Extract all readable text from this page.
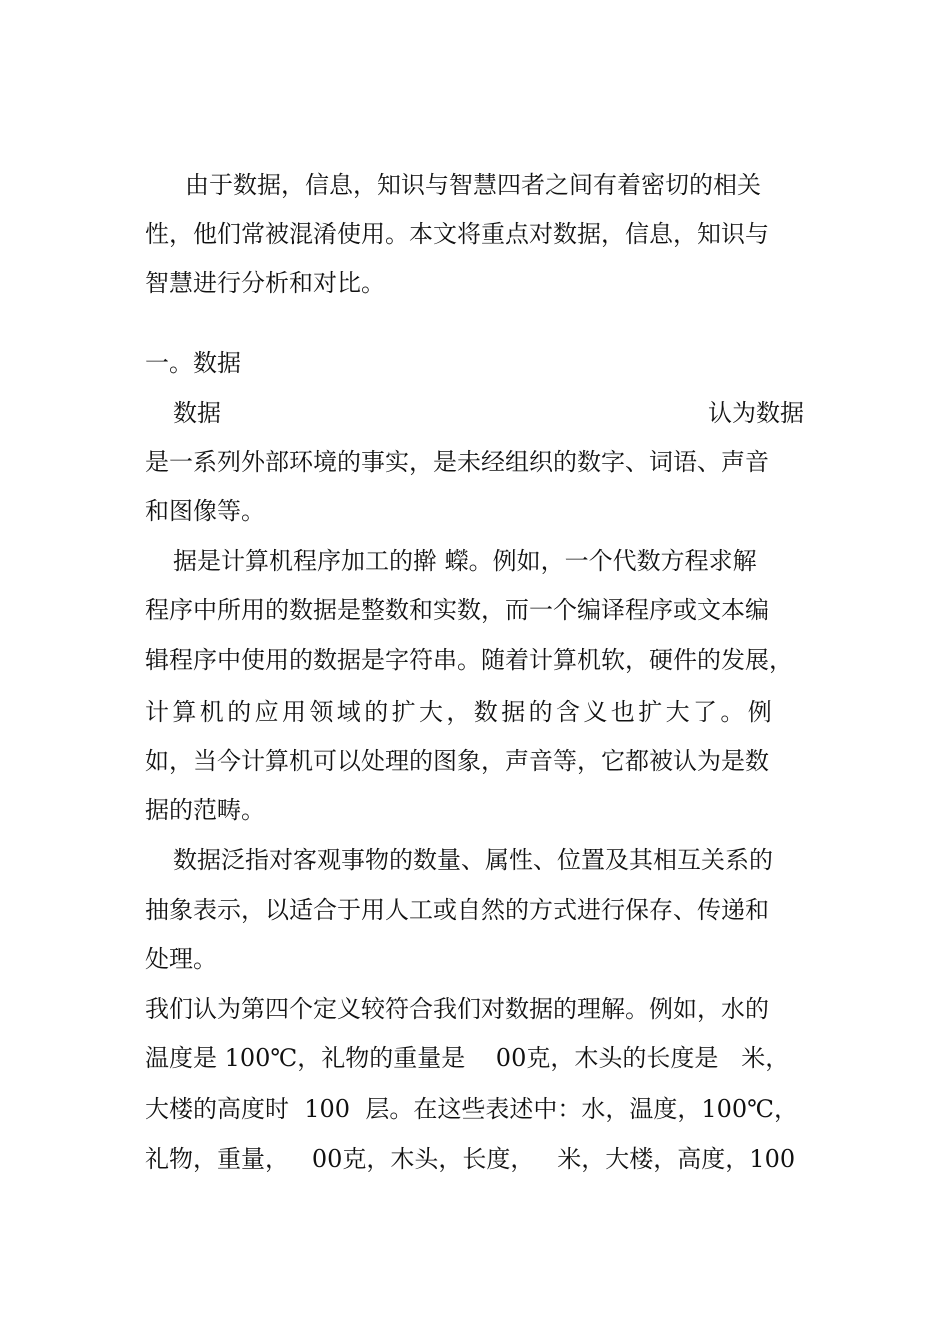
由于数据，信息，知识与智慧四者之间有着密切的相关
性，他们常被混淆使用。本文将重点对数据，信息，知识与
智慧进行分析和对比。
一。数据
数据	认为数据
是一系列外部环境的事实，是未经组织的数字、词语、声音
和图像等。
据是计算机程序加工的擀 蠑。例如，一个代数方程求解
程序中所用的数据是整数和实数，而一个编译程序或文本编
辑程序中使用的数据是字符串。随着计算机软，硬件的发展，
计算机的应用领域的扩大，数据的含义也扩大了。例
如，当今计算机可以处理的图象，声音等，它都被认为是数
据的范畴。
数据泛指对客观事物的数量、属性、位置及其相互关系的
抽象表示，以适合于用人工或自然的方式进行保存、传递和
处理。
我们认为第四个定义较符合我们对数据的理解。例如，水的
温度是 100℃，礼物的重量是    00克，木头的长度是   米，
大楼的高度时  100  层。在这些表述中：水，温度，100℃，
礼物，重量，   00克，木头，长度，   米，大楼，高度，100
